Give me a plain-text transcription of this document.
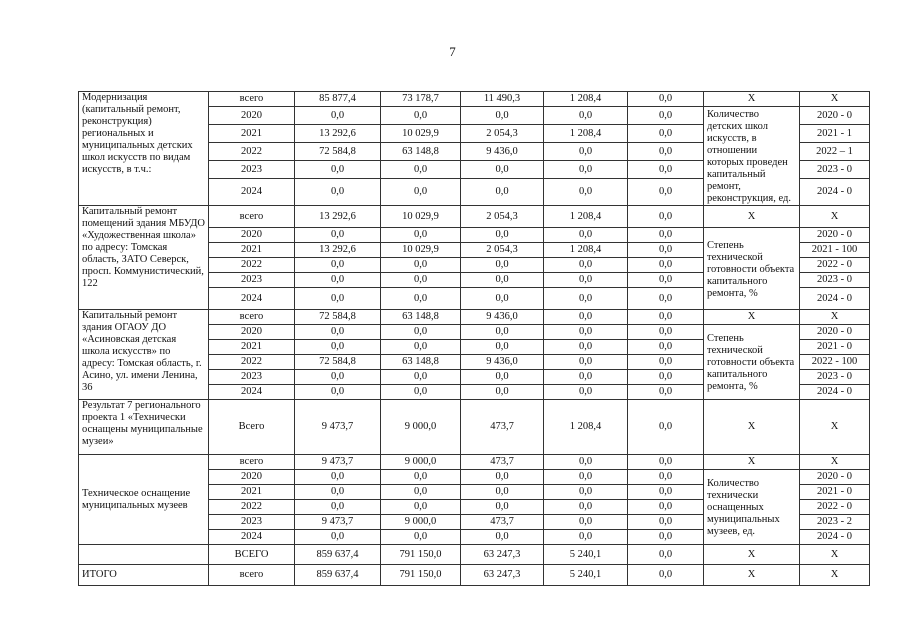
7
Модернизация (капитальный ремонт, реконструкция) региональных и муниципальных детских школ искусств по видам искусств, в т.ч.:	всего	85 877,4	73 178,7	11 490,3	1 208,4	0,0	Х	Х
	2020	0,0	0,0	0,0	0,0	0,0	Количество детских школ искусств, в отношении которых проведен капитальный ремонт, реконструкция, ед.	2020 - 0
	2021	13 292,6	10 029,9	2 054,3	1 208,4	0,0		2021 - 1
	2022	72 584,8	63 148,8	9 436,0	0,0	0,0		2022 – 1
	2023	0,0	0,0	0,0	0,0	0,0		2023 - 0
	2024	0,0	0,0	0,0	0,0	0,0		2024 - 0
Капитальный ремонт помещений здания МБУДО «Художественная школа» по адресу: Томская область, ЗАТО Северск, просп. Коммунистический, 122	всего	13 292,6	10 029,9	2 054,3	1 208,4	0,0	Х	Х
	2020	0,0	0,0	0,0	0,0	0,0	Степень технической готовности объекта капитального ремонта, %	2020 - 0
	2021	13 292,6	10 029,9	2 054,3	1 208,4	0,0		2021 - 100
	2022	0,0	0,0	0,0	0,0	0,0		2022 - 0
	2023	0,0	0,0	0,0	0,0	0,0		2023 - 0
	2024	0,0	0,0	0,0	0,0	0,0		2024 - 0
Капитальный ремонт здания ОГАОУ ДО «Асиновская детская школа искусств» по адресу: Томская область, г. Асино, ул. имени Ленина, 36	всего	72 584,8	63 148,8	9 436,0	0,0	0,0	Х	Х
	2020	0,0	0,0	0,0	0,0	0,0	Степень технической готовности объекта капитального ремонта, %	2020 - 0
	2021	0,0	0,0	0,0	0,0	0,0		2021 - 0
	2022	72 584,8	63 148,8	9 436,0	0,0	0,0		2022 - 100
	2023	0,0	0,0	0,0	0,0	0,0		2023 - 0
	2024	0,0	0,0	0,0	0,0	0,0		2024 - 0
Результат 7 регионального проекта 1 «Технически оснащены муниципальные музеи»	Всего	9 473,7	9 000,0	473,7	1 208,4	0,0	Х	Х
Техническое оснащение муниципальных музеев	всего	9 473,7	9 000,0	473,7	0,0	0,0	Х	Х
	2020	0,0	0,0	0,0	0,0	0,0	Количество технически оснащенных муниципальных музеев, ед.	2020 - 0
	2021	0,0	0,0	0,0	0,0	0,0		2021 - 0
	2022	0,0	0,0	0,0	0,0	0,0		2022 - 0
	2023	9 473,7	9 000,0	473,7	0,0	0,0		2023 - 2
	2024	0,0	0,0	0,0	0,0	0,0		2024 - 0
	ВСЕГО	859 637,4	791 150,0	63 247,3	5 240,1	0,0	Х	Х
ИТОГО	всего	859 637,4	791 150,0	63 247,3	5 240,1	0,0	Х	Х
